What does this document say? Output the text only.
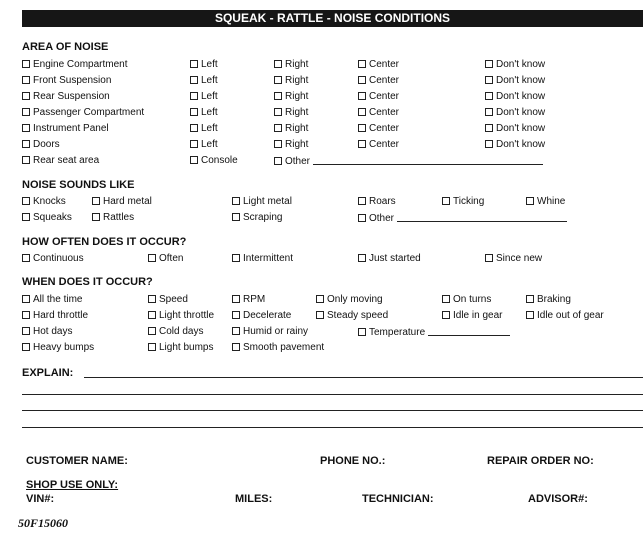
SQUEAK - RATTLE - NOISE CONDITIONS
AREA OF NOISE
Engine Compartment	Left	Right	Center	Don't know
Front Suspension	Left	Right	Center	Don't know
Rear Suspension	Left	Right	Center	Don't know
Passenger Compartment	Left	Right	Center	Don't know
Instrument Panel	Left	Right	Center	Don't know
Doors	Left	Right	Center	Don't know
Rear seat area	Console	Other
NOISE SOUNDS LIKE
Knocks	Hard metal	Light metal	Roars	Ticking	Whine
Squeaks	Rattles	Scraping	Other
HOW OFTEN DOES IT OCCUR?
Continuous	Often	Intermittent	Just started	Since new
WHEN DOES IT OCCUR?
All the time	Speed	RPM	Only moving	On turns	Braking
Hard throttle	Light throttle	Decelerate	Steady speed	Idle in gear	Idle out of gear
Hot days	Cold days	Humid or rainy	Temperature
Heavy bumps	Light bumps	Smooth pavement
EXPLAIN:
CUSTOMER NAME:	PHONE NO.:	REPAIR ORDER NO:
SHOP USE ONLY:
VIN#:	MILES:	TECHNICIAN:	ADVISOR#:
50F15060
